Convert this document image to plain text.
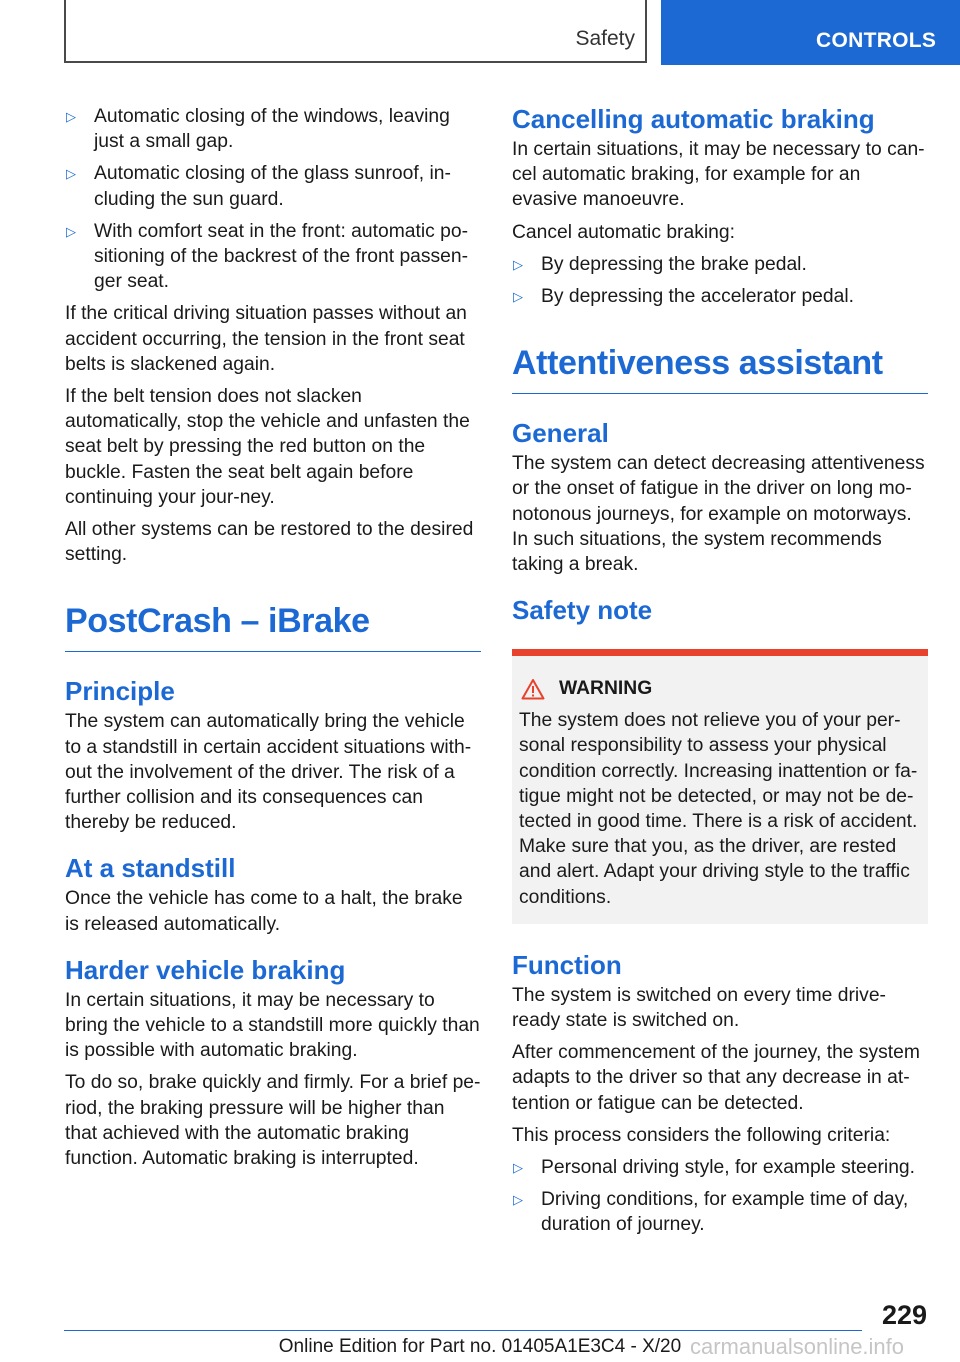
Safety	CONTROLS
▷ Automatic closing of the windows, leaving just a small gap.
▷ Automatic closing of the glass sunroof, in‐cluding the sun guard.
▷ With comfort seat in the front: automatic po‐sitioning of the backrest of the front passen‐ger seat.

If the critical driving situation passes without an accident occurring, the tension in the front seat belts is slackened again.

If the belt tension does not slacken automatically, stop the vehicle and unfasten the seat belt by pressing the red button on the buckle. Fasten the seat belt again before continuing your jour‐ney.

All other systems can be restored to the desired setting.

PostCrash – iBrake
Principle

The system can automatically bring the vehicle to a standstill in certain accident situations with‐out the involvement of the driver. The risk of a further collision and its consequences can thereby be reduced.

At a standstill

Once the vehicle has come to a halt, the brake is released automatically.

Harder vehicle braking

In certain situations, it may be necessary to bring the vehicle to a standstill more quickly than is possible with automatic braking.

To do so, brake quickly and firmly. For a brief pe‐riod, the braking pressure will be higher than that achieved with the automatic braking function. Automatic braking is interrupted.

Cancelling automatic braking

In certain situations, it may be necessary to can‐cel automatic braking, for example for an evasive manoeuvre.

Cancel automatic braking:

▷ By depressing the brake pedal.
▷ By depressing the accelerator pedal.
Attentiveness assistant
General

The system can detect decreasing attentiveness or the onset of fatigue in the driver on long mo‐notonous journeys, for example on motorways. In such situations, the system recommends taking a break.

Safety note
WARNING

The system does not relieve you of your per‐sonal responsibility to assess your physical condition correctly. Increasing inattention or fa‐tigue might not be detected, or may not be de‐tected in good time. There is a risk of accident. Make sure that you, as the driver, are rested and alert. Adapt your driving style to the traffic conditions.

Function

The system is switched on every time drive-ready state is switched on.

After commencement of the journey, the system adapts to the driver so that any decrease in at‐tention or fatigue can be detected.

This process considers the following criteria:

▷ Personal driving style, for example steering.
▷ Driving conditions, for example time of day, duration of journey.
229
Online Edition for Part no. 01405A1E3C4 - X/20 carmanualsonline.info
